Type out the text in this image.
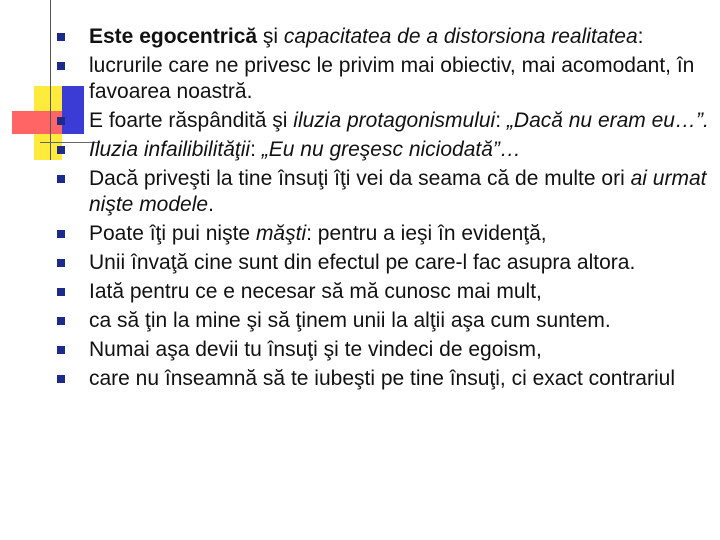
Este egocentrică şi capacitatea de a distorsiona realitatea:
lucrurile care ne privesc le privim mai obiectiv, mai acomodant, în favoarea noastră.
E foarte răspândită şi iluzia protagonismului: „Dacă nu eram eu…”.
Iluzia infailibilităţii: „Eu nu greşesc niciodată”…
Dacă priveşti la tine însuţi îţi vei da seama că de multe ori ai urmat nişte modele.
Poate îţi pui nişte măşti: pentru a ieşi în evidenţă,
Unii învaţă cine sunt din efectul pe care-l fac asupra altora.
Iată pentru ce e necesar să mă cunosc mai mult,
ca să ţin la mine şi să ţinem unii la alţii aşa cum suntem.
Numai aşa devii tu însuţi şi te vindeci de egoism,
care nu înseamnă să te iubeşti pe tine însuţi, ci exact contrariul
